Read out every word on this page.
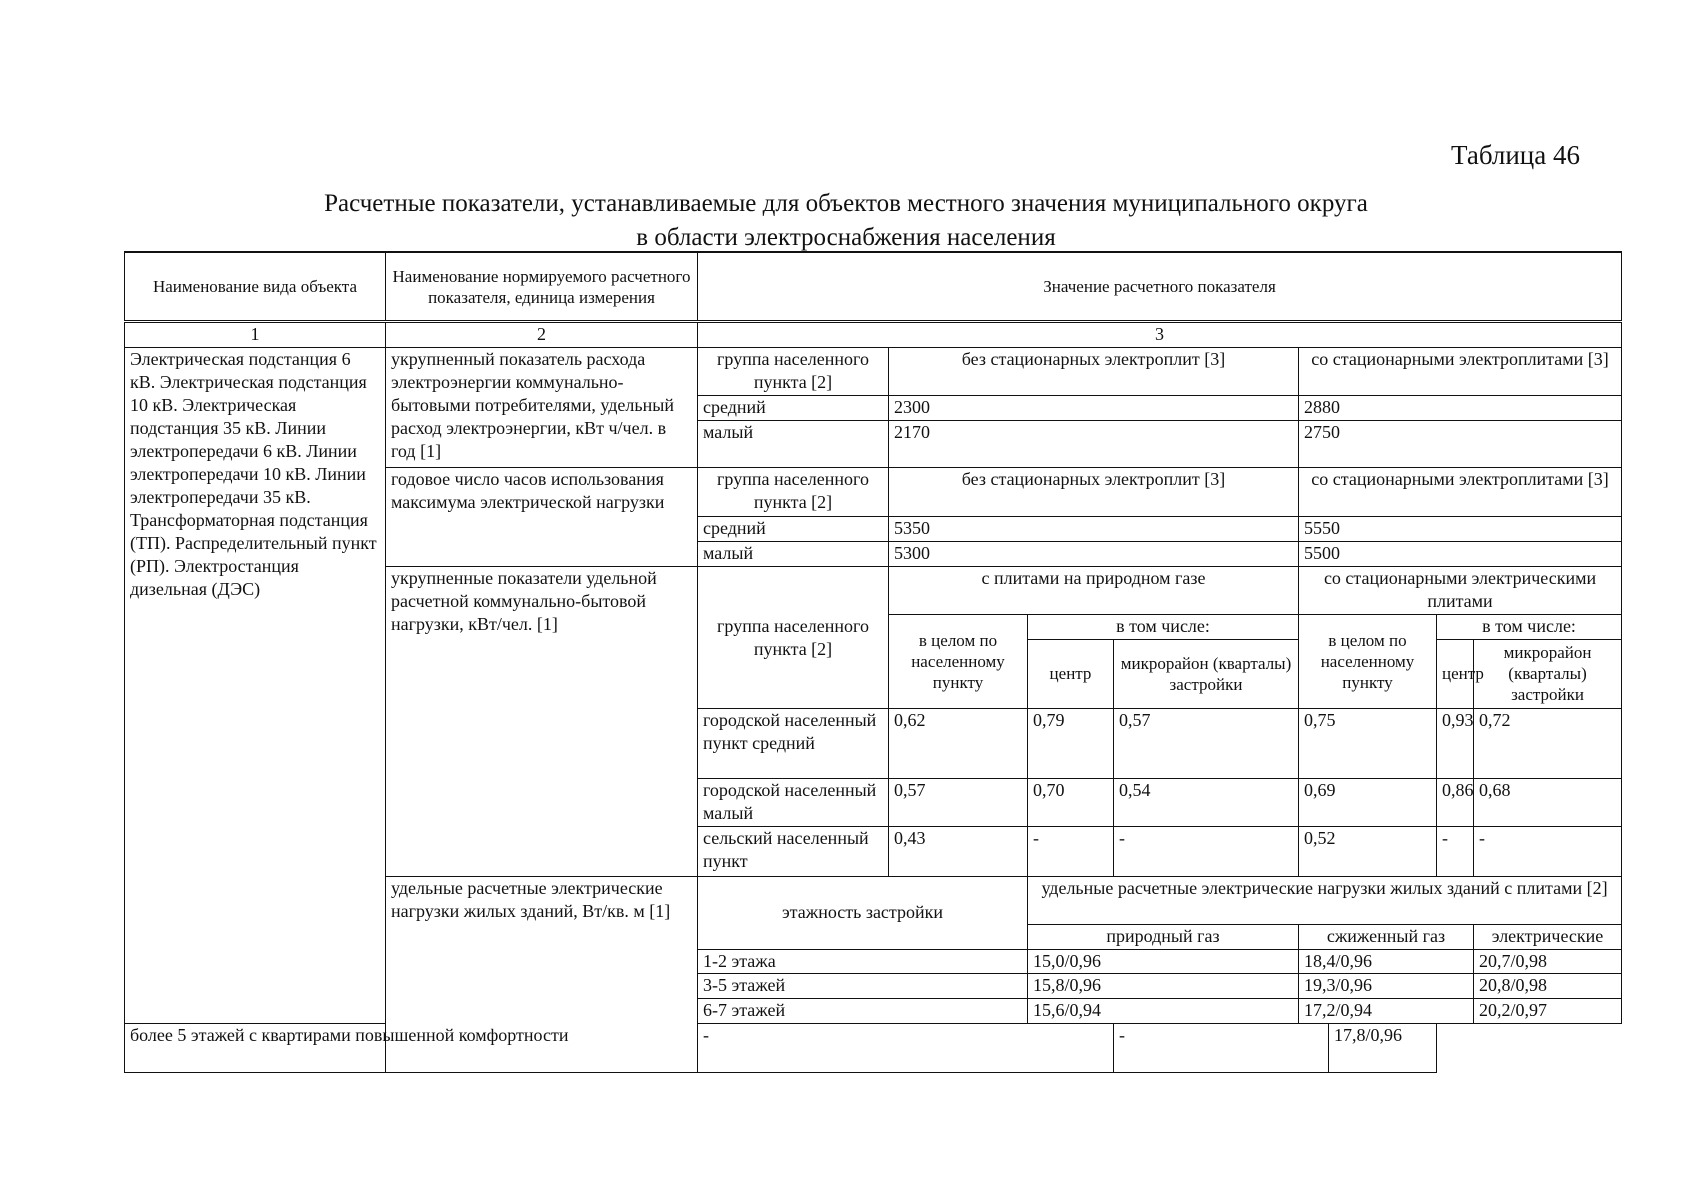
Таблица 46
Расчетные показатели, устанавливаемые для объектов местного значения муниципального округа
в области электроснабжения населения
Наименование вида объекта	Наименование нормируемого расчетного показателя, единица измерения	Значение расчетного показателя							
1	2	3							
Электрическая подстанция 6 кВ. Электрическая подстанция 10 кВ. Электрическая подстанция 35 кВ. Линии электропередачи 6 кВ. Линии электропередачи 10 кВ. Линии электропередачи 35 кВ. Трансформаторная подстанция (ТП). Распределительный пункт (РП). Электростанция дизельная (ДЭС)	укрупненный показатель расхода электроэнергии коммунально-бытовыми потребителями, удельный расход электроэнергии, кВт ч/чел. в год [1]	группа населенного пункта [2]	без стационарных электроплит [3]			со стационарными электроплитами [3]			
		средний	2300			2880			
		малый	2170			2750			
	годовое число часов использования максимума электрической нагрузки	группа населенного пункта [2]	без стационарных электроплит [3]			со стационарными электроплитами [3]			
		средний	5350			5550			
		малый	5300			5500			
	укрупненные показатели удельной расчетной коммунально-бытовой нагрузки, кВт/чел. [1]	группа населенного пункта [2]	с плитами на природном газе			со стационарными электрическими плитами			
			в целом по населенному пункту	в том числе:		в целом по населенному пункту		в том числе:	
				центр	микрорайон (кварталы) застройки			центр	микрорайон (кварталы) застройки
		городской населенный пункт средний	0,62	0,79	0,57	0,75		0,93	0,72
		городской населенный малый	0,57	0,70	0,54	0,69		0,86	0,68
		сельский населенный пункт	0,43	-	-	0,52		-	-
	удельные расчетные электрические нагрузки жилых зданий, Вт/кв. м [1]	этажность застройки		удельные расчетные электрические нагрузки жилых зданий с плитами [2]					
				природный газ		сжиженный газ			электрические
		1-2 этажа		15,0/0,96		18,4/0,96			20,7/0,98
		3-5 этажей		15,8/0,96		19,3/0,96			20,8/0,98
		6-7 этажей		15,6/0,94		17,2/0,94			20,2/0,97
более 5 этажей с квартирами повышенной комфортности		-			-		17,8/0,96		
